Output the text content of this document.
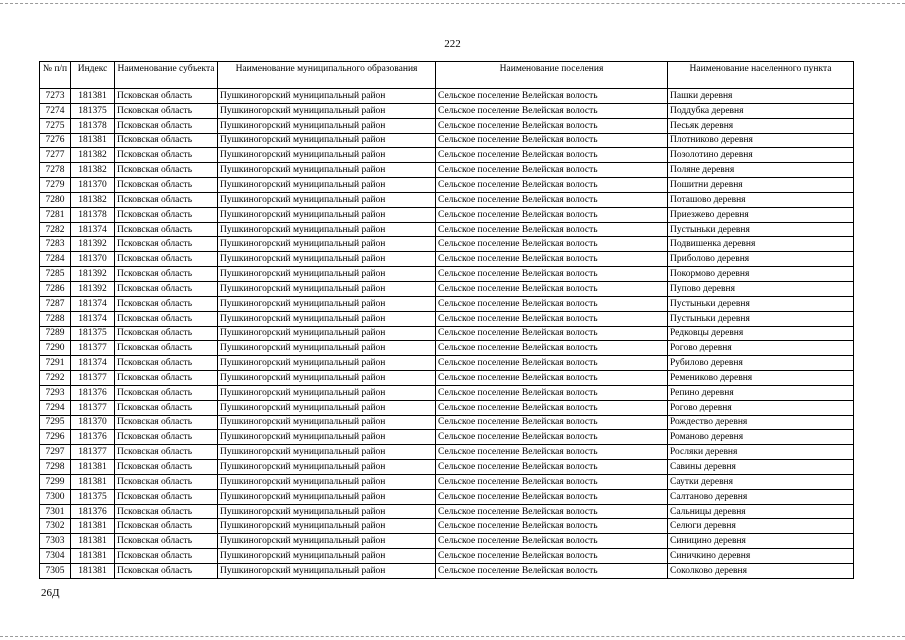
222
№ п/п	Индекс	Наименование субъекта	Наименование муниципального образования	Наименование поселения	Наименование населенного пункта
7273	181381	Псковская область	Пушкиногорский муниципальный район	Сельское поселение Велейская волость	Пашки деревня
7274	181375	Псковская область	Пушкиногорский муниципальный район	Сельское поселение Велейская волость	Поддубка деревня
7275	181378	Псковская область	Пушкиногорский муниципальный район	Сельское поселение Велейская волость	Песьяк деревня
7276	181381	Псковская область	Пушкиногорский муниципальный район	Сельское поселение Велейская волость	Плотниково деревня
7277	181382	Псковская область	Пушкиногорский муниципальный район	Сельское поселение Велейская волость	Позолотино деревня
7278	181382	Псковская область	Пушкиногорский муниципальный район	Сельское поселение Велейская волость	Поляне деревня
7279	181370	Псковская область	Пушкиногорский муниципальный район	Сельское поселение Велейская волость	Пошитни деревня
7280	181382	Псковская область	Пушкиногорский муниципальный район	Сельское поселение Велейская волость	Поташово деревня
7281	181378	Псковская область	Пушкиногорский муниципальный район	Сельское поселение Велейская волость	Приезжево деревня
7282	181374	Псковская область	Пушкиногорский муниципальный район	Сельское поселение Велейская волость	Пустыньки деревня
7283	181392	Псковская область	Пушкиногорский муниципальный район	Сельское поселение Велейская волость	Подвишенка деревня
7284	181370	Псковская область	Пушкиногорский муниципальный район	Сельское поселение Велейская волость	Приболово деревня
7285	181392	Псковская область	Пушкиногорский муниципальный район	Сельское поселение Велейская волость	Покормово деревня
7286	181392	Псковская область	Пушкиногорский муниципальный район	Сельское поселение Велейская волость	Пупово деревня
7287	181374	Псковская область	Пушкиногорский муниципальный район	Сельское поселение Велейская волость	Пустыньки деревня
7288	181374	Псковская область	Пушкиногорский муниципальный район	Сельское поселение Велейская волость	Пустыньки деревня
7289	181375	Псковская область	Пушкиногорский муниципальный район	Сельское поселение Велейская волость	Редковцы деревня
7290	181377	Псковская область	Пушкиногорский муниципальный район	Сельское поселение Велейская волость	Рогово деревня
7291	181374	Псковская область	Пушкиногорский муниципальный район	Сельское поселение Велейская волость	Рубилово деревня
7292	181377	Псковская область	Пушкиногорский муниципальный район	Сельское поселение Велейская волость	Ремениково деревня
7293	181376	Псковская область	Пушкиногорский муниципальный район	Сельское поселение Велейская волость	Репино деревня
7294	181377	Псковская область	Пушкиногорский муниципальный район	Сельское поселение Велейская волость	Рогово деревня
7295	181370	Псковская область	Пушкиногорский муниципальный район	Сельское поселение Велейская волость	Рождество деревня
7296	181376	Псковская область	Пушкиногорский муниципальный район	Сельское поселение Велейская волость	Романово деревня
7297	181377	Псковская область	Пушкиногорский муниципальный район	Сельское поселение Велейская волость	Росляки деревня
7298	181381	Псковская область	Пушкиногорский муниципальный район	Сельское поселение Велейская волость	Савины деревня
7299	181381	Псковская область	Пушкиногорский муниципальный район	Сельское поселение Велейская волость	Саутки деревня
7300	181375	Псковская область	Пушкиногорский муниципальный район	Сельское поселение Велейская волость	Салтаново деревня
7301	181376	Псковская область	Пушкиногорский муниципальный район	Сельское поселение Велейская волость	Сальницы деревня
7302	181381	Псковская область	Пушкиногорский муниципальный район	Сельское поселение Велейская волость	Селюги деревня
7303	181381	Псковская область	Пушкиногорский муниципальный район	Сельское поселение Велейская волость	Синицино деревня
7304	181381	Псковская область	Пушкиногорский муниципальный район	Сельское поселение Велейская волость	Синичкино деревня
7305	181381	Псковская область	Пушкиногорский муниципальный район	Сельское поселение Велейская волость	Соколково деревня
26Д
